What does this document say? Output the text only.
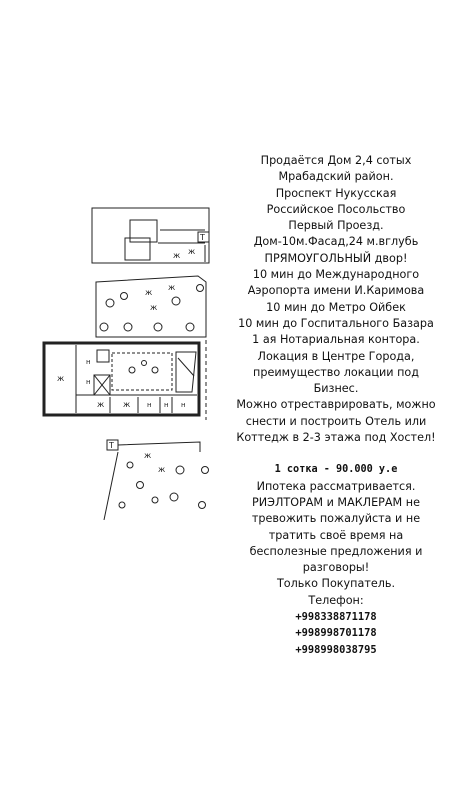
Т
ж ж
ж
ж
ж
ж
н
н
ж ж н н н
Т
ж
ж
Продаётся Дом 2,4 сотых
Мрабадский район.
Проспект Нукусская
Российское Посольство
Первый Проезд.
Дом-10м.Фасад,24 м.вглубь
ПРЯМОУГОЛЬНЫЙ двор!
10 мин до Международного
Аэропорта имени И.Каримова
10 мин до Метро Ойбек
10 мин до Госпитального Базара
1 ая Нотариальная контора.
Локация в Центре Города,
преимущество локации под
Бизнес.
Можно отреставрировать, можно
снести и построить Отель или
Коттедж в 2-3 этажа под Хостел!
1 сотка - 90.000 у.е
Ипотека рассматривается.
РИЭЛТОРАМ и МАКЛЕРАМ не
тревожить пожалуйста и не
тратить своё время на
бесполезные предложения и
разговоры!
Только Покупатель.
Телефон:
+998338871178
+998998701178
+998998038795
